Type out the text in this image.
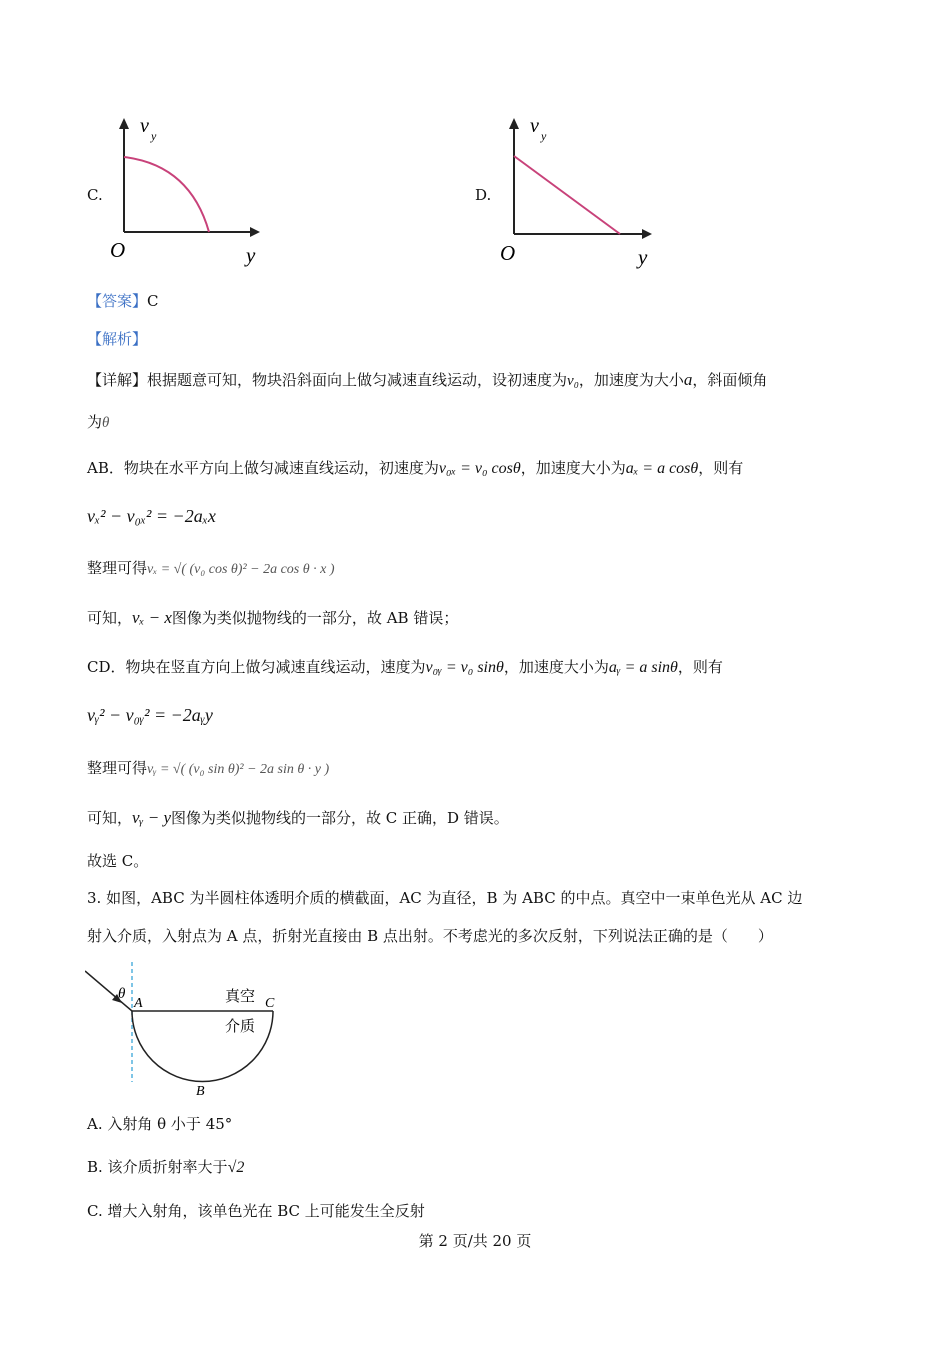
C.
v y
O	y
D.
v y
O	y
【答案】C
【解析】
【详解】根据题意可知，物块沿斜面向上做匀减速直线运动，设初速度为v₀，加速度为大小a，斜面倾角
为θ
AB．物块在水平方向上做匀减速直线运动，初速度为v₀ₓ = v₀ cosθ，加速度大小为aₓ = a cosθ，则有
vₓ² − v₀ₓ² = −2aₓx
整理可得vₓ = √( (v₀ cos θ)² − 2a cos θ · x )
可知，vₓ − x图像为类似抛物线的一部分，故 AB 错误；
CD．物块在竖直方向上做匀减速直线运动，速度为v₀ᵧ = v₀ sinθ，加速度大小为aᵧ = a sinθ，则有
vᵧ² − v₀ᵧ² = −2aᵧy
整理可得vᵧ = √( (v₀ sin θ)² − 2a sin θ · y )
可知，vᵧ − y图像为类似抛物线的一部分，故 C 正确，D 错误。
故选 C。
3. 如图，ABC 为半圆柱体透明介质的横截面，AC 为直径，B 为 ABC 的中点。真空中一束单色光从 AC 边
射入介质，入射点为 A 点，折射光直接由 B 点出射。不考虑光的多次反射，下列说法正确的是（　　）
θ
A	C
B
真空
介质
A. 入射角 θ 小于 45°
B. 该介质折射率大于√2
C. 增大入射角，该单色光在 BC 上可能发生全反射
第 2 页/共 20 页
